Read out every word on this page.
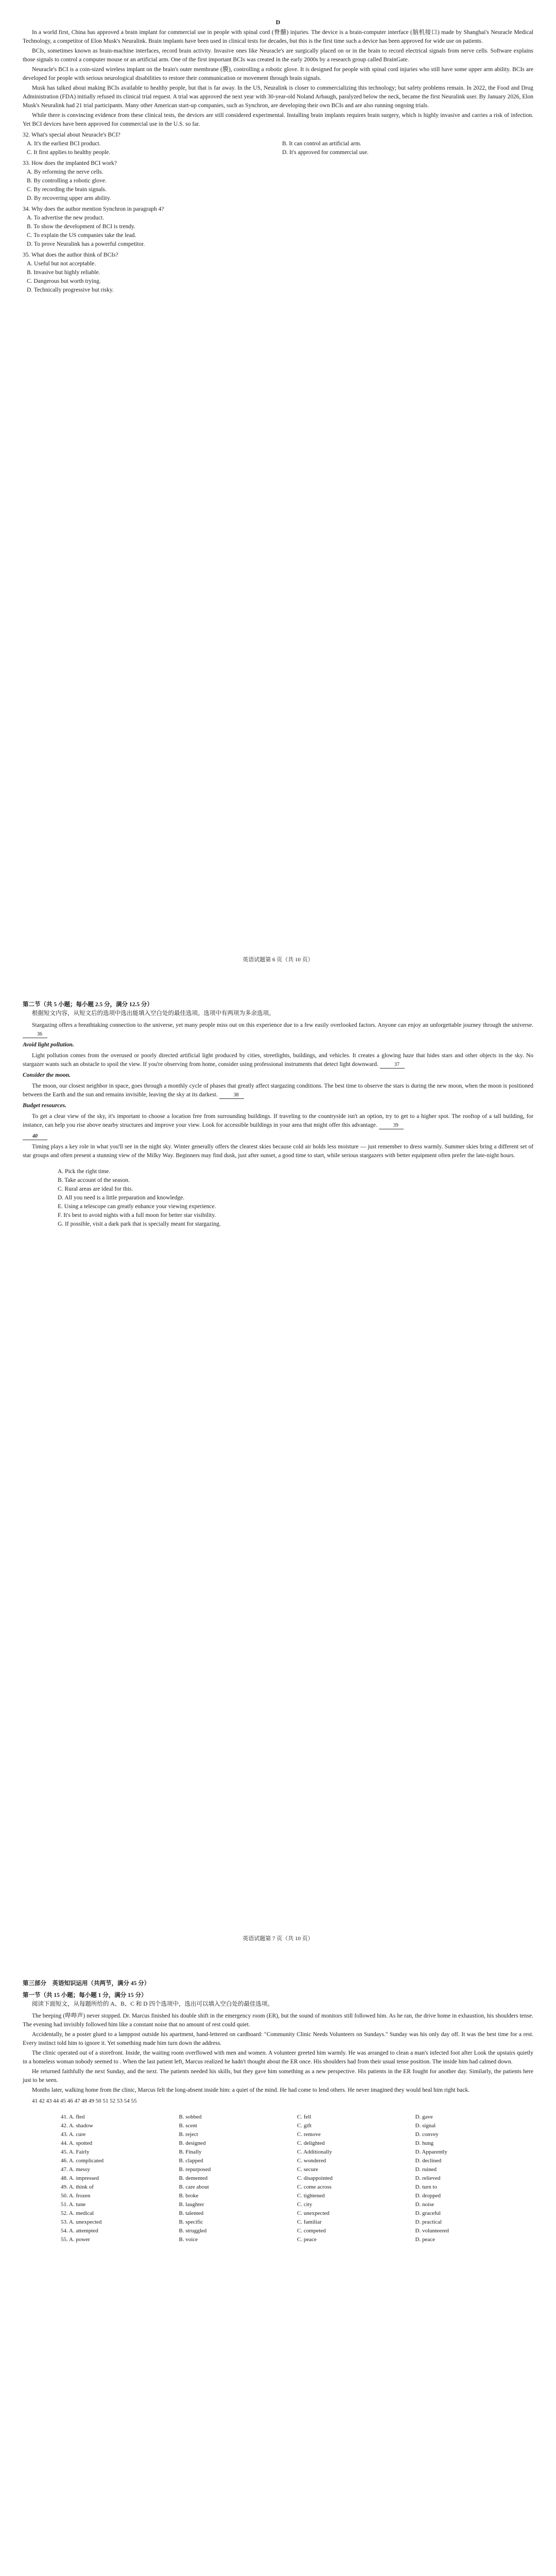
D

In a world first, China has approved a brain implant for commercial use in people with spinal cord (脊髓) injuries. The device is a brain-computer interface (脑机接口) made by Shanghai's Neuracle Medical Technology, a competitor of Elon Musk's Neuralink. Brain implants have been used in clinical tests for decades, but this is the first time such a device has been approved for wide use on patients.

BCIs, sometimes known as brain-machine interfaces, record brain activity. Invasive ones like Neuracle's are surgically placed on or in the brain to record electrical signals from nerve cells. Software explains those signals to control a computer mouse or an artificial arm. One of the first important BCIs was created in the early 2000s by a research group called BrainGate.

Neuracle's BCI is a coin-sized wireless implant on the brain's outer membrane (膜), controlling a robotic glove. It is designed for people with spinal cord injuries who still have some upper arm ability. BCIs are developed for people with serious neurological disabilities to restore their communication or movement through brain signals.

Musk has talked about making BCIs available to healthy people, but that is far away. In the US, Neuralink is closer to commercializing this technology; but safety problems remain. In 2022, the Food and Drug Administration (FDA) initially refused its clinical trial request. A trial was approved the next year with 30-year-old Noland Arbaugh, paralyzed below the neck, became the first Neuralink user. By January 2026, Elon Musk's Neuralink had 21 trial participants. Many other American start-up companies, such as Synchron, are developing their own BCIs and are also running ongoing trials.

While there is convincing evidence from these clinical tests, the devices are still considered experimental. Installing brain implants requires brain surgery, which is highly invasive and carries a risk of infection. Yet BCI devices have been approved for commercial use in the U.S. so far.

32. What's special about Neuracle's BCI?
A. It's the earliest BCI product.	B. It can control an artificial arm.
C. It first applies to healthy people.	D. It's approved for commercial use.
33. How does the implanted BCI work?
A. By reforming the nerve cells.
B. By controlling a robotic glove.
C. By recording the brain signals.
D. By recovering upper arm ability.
34. Why does the author mention Synchron in paragraph 4?
A. To advertise the new product.
B. To show the development of BCI is trendy.
C. To explain the US companies take the lead.
D. To prove Neuralink has a powerful competitor.
35. What does the author think of BCIs?
A. Useful but not acceptable.
B. Invasive but highly reliable.
C. Dangerous but worth trying.
D. Technically progressive but risky.
英语试题第 6 页（共 10 页）
第二节（共 5 小题；每小题 2.5 分，满分 12.5 分）

根据短文内容，从短文后的选项中选出能填入空白处的最佳选项。选项中有两项为多余选项。

Stargazing offers a breathtaking connection to the universe, yet many people miss out on this experience due to a few easily overlooked factors. Anyone can enjoy an unforgettable journey through the universe. 36

Avoid light pollution.

Light pollution comes from the overused or poorly directed artificial light produced by cities, streetlights, buildings, and vehicles. It creates a glowing haze that hides stars and other objects in the sky. No stargazer wants such an obstacle to spoil the view. If you're observing from home, consider using professional instruments that detect light downward.	37

Consider the moon.

The moon, our closest neighbor in space, goes through a monthly cycle of phases that greatly affect stargazing conditions. The best time to observe the stars is during the new moon, when the moon is positioned between the Earth and the sun and remains invisible, leaving the sky at its darkest.	38

Budget resources.

To get a clear view of the sky, it's important to choose a location free from surrounding buildings. If traveling to the countryside isn't an option, try to get to a higher spot. The rooftop of a tall building, for instance, can help you rise above nearby structures and improve your view. Look for accessible buildings in your area that might offer this advantage.	39

40

Timing plays a key role in what you'll see in the night sky. Winter generally offers the clearest skies because cold air holds less moisture — just remember to dress warmly. Summer skies bring a different set of star groups and often present a stunning view of the Milky Way. Beginners may find dusk, just after sunset, a good time to start, while serious stargazers with better equipment often prefer the late-night hours.

A. Pick the right time.
B. Take account of the season.
C. Rural areas are ideal for this.
D. All you need is a little preparation and knowledge.
E. Using a telescope can greatly enhance your viewing experience.
F. It's best to avoid nights with a full moon for better star visibility.
G. If possible, visit a dark park that is specially meant for stargazing.
英语试题第 7 页（共 10 页）
第三部分　英语知识运用（共两节，满分 45 分）
第一节（共 15 小题；每小题 1 分，满分 15 分）

阅读下面短文，从每题所给的 A、B、C 和 D 四个选项中，选出可以填入空白处的最佳选项。

The beeping (哔哔声) never stopped. Dr. Marcus finished his double shift in the emergency room (ER), but the sound of monitors still followed him. As he ran, the drive home in exhaustion, his shoulders tense. The evening had invisibly followed him like a constant noise that no amount of rest could quiet.

Accidentally, he a poster glued to a lamppost outside his apartment, hand-lettered on cardboard: "Community Clinic Needs Volunteers on Sundays." Sunday was his only day off. It was the best time for a rest. Every instinct told him to ignore it. Yet something made him turn down the address.

The clinic operated out of a storefront. Inside, the waiting room overflowed with men and women. A volunteer greeted him warmly. He was arranged to clean a man's infected foot after Look the upstairs quietly in a homeless woman nobody seemed to . When the last patient left, Marcus realized he hadn't thought about the ER once. His shoulders had from their usual tense position. The inside him had calmed down.

He returned faithfully the next Sunday, and the next. The patients needed his skills, but they gave him something as a new perspective. His patients in the ER fought for another day. Similarly, the patients here just to be seen.

Months later, walking home from the clinic, Marcus felt the long-absent inside him: a quiet of the mind. He had come to lend others. He never imagined they would heal him right back.

41 42 43 44 45 46 47 48 49 50 51 52 53 54 55
41. A. fled	B. sobbed	C. fell	D. gave
42. A. shadow	B. scent	C. gift	D. signal
43. A. cure	B. reject	C. remove	D. convey
44. A. spotted	B. designed	C. delighted	D. hung
45. A. Fairly	B. Finally	C. Additionally	D. Apparently
46. A. complicated	B. clapped	C. wondered	D. declined
47. A. messy	B. repurposed	C. secure	D. ruined
48. A. impressed	B. demented	C. disappointed	D. relieved
49. A. think of	B. care about	C. come across	D. turn to
50. A. frozen	B. broke	C. tightened	D. dropped
51. A. tune	B. laughter	C. city	D. noise
52. A. medical	B. talented	C. unexpected	D. graceful
53. A. unexpected	B. specific	C. familiar	D. practical
54. A. attempted	B. struggled	C. competed	D. volunteered
55. A. power	B. voice	C. peace	D. peace
